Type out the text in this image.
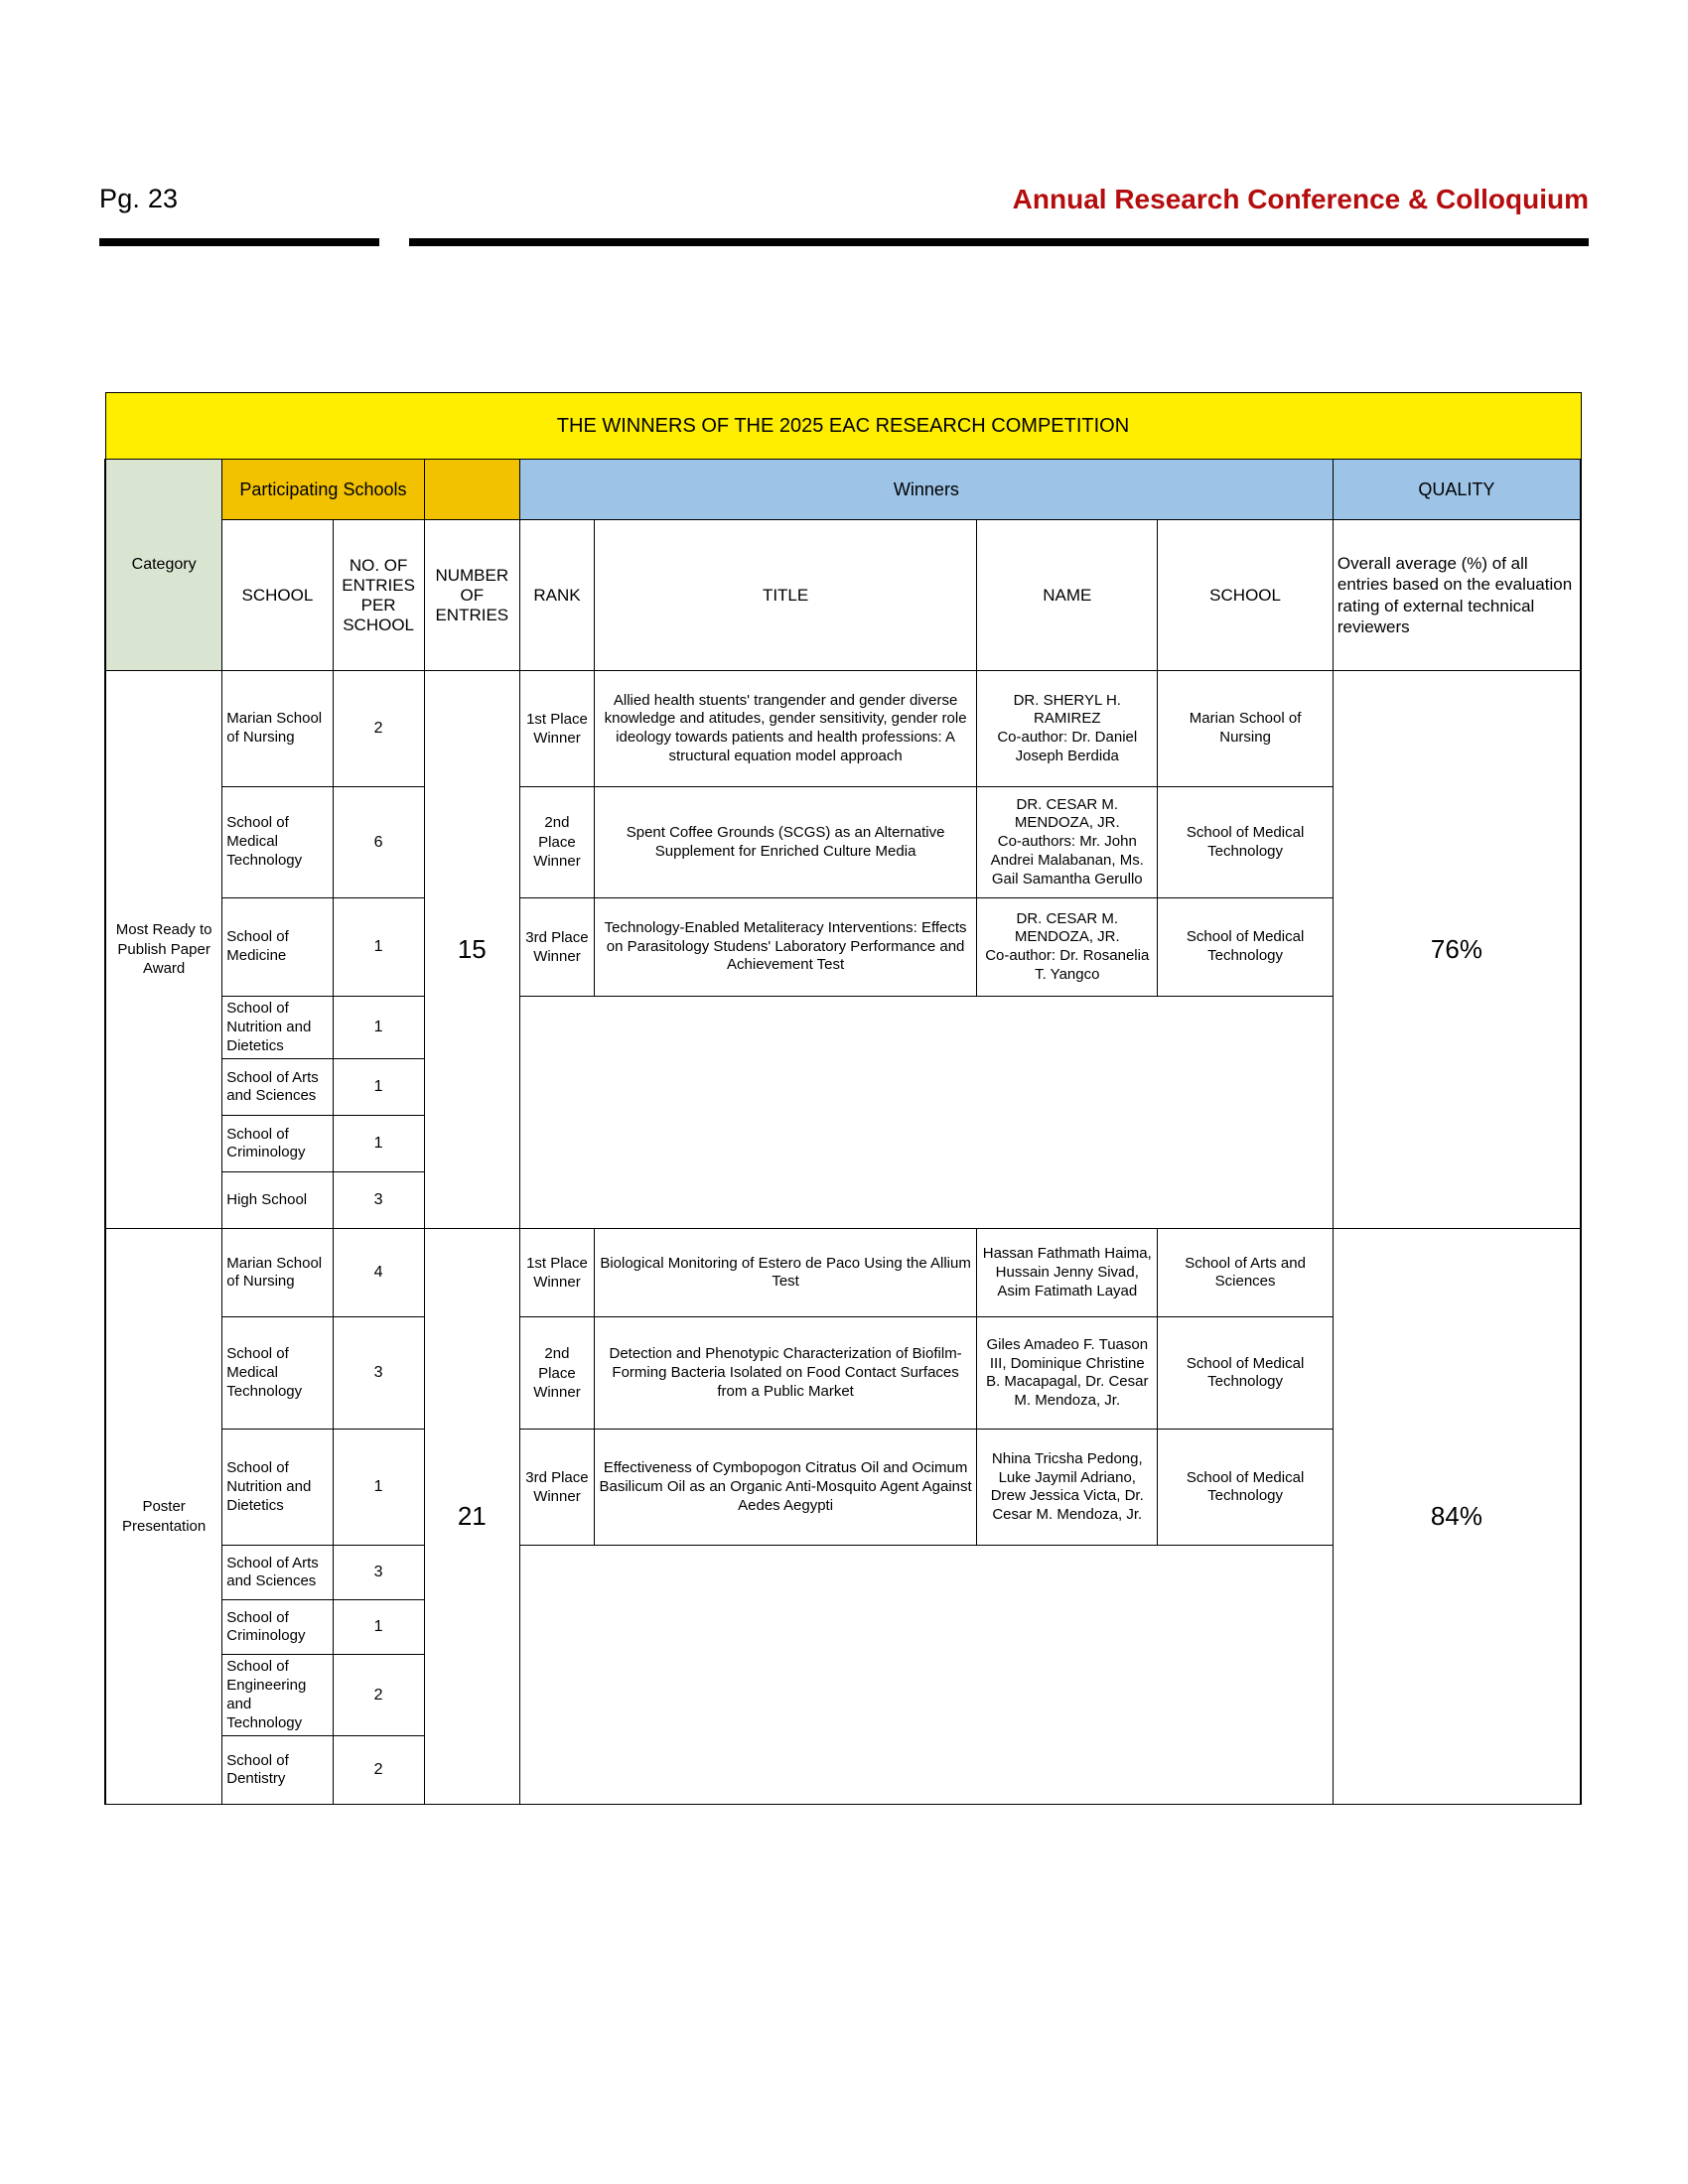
Pg. 23	Annual Research Conference & Colloquium
THE WINNERS OF THE 2025 EAC RESEARCH COMPETITION								
Category	Participating Schools			Winners				QUALITY
	SCHOOL	NO. OF ENTRIES PER SCHOOL	NUMBER OF ENTRIES	RANK	TITLE	NAME	SCHOOL	Overall average (%) of all entries based on the evaluation rating of external technical reviewers
Most Ready to Publish Paper Award	Marian School of Nursing	2	15	1st Place Winner	Allied health stuents' trangender and gender diverse knowledge and atitudes, gender sensitivity, gender role ideology towards patients and health professions: A structural equation model approach	DR. SHERYL H. RAMIREZ
Co-author: Dr. Daniel Joseph Berdida	Marian School of Nursing	76%
	School of Medical Technology	6		2nd Place Winner	Spent Coffee Grounds (SCGS) as an Alternative Supplement for Enriched Culture Media	DR. CESAR M. MENDOZA, JR.
Co-authors: Mr. John Andrei Malabanan, Ms. Gail Samantha Gerullo	School of Medical Technology	
	School of Medicine	1		3rd Place Winner	Technology-Enabled Metaliteracy Interventions: Effects on Parasitology Studens' Laboratory Performance and Achievement Test	DR. CESAR M. MENDOZA, JR.
Co-author: Dr. Rosanelia T. Yangco	School of Medical Technology	
	School of Nutrition and Dietetics	1						
	School of Arts and Sciences	1						
	School of Criminology	1						
	High School	3						
Poster Presentation	Marian School of Nursing	4	21	1st Place Winner	Biological Monitoring of Estero de Paco Using the Allium Test	Hassan Fathmath Haima, Hussain Jenny Sivad, Asim Fatimath Layad	School of Arts and Sciences	84%
	School of Medical Technology	3		2nd Place Winner	Detection and Phenotypic Characterization of Biofilm-Forming Bacteria Isolated on Food Contact Surfaces from a Public Market	Giles Amadeo F. Tuason III, Dominique Christine B. Macapagal, Dr. Cesar M. Mendoza, Jr.	School of Medical Technology	
	School of Nutrition and Dietetics	1		3rd Place Winner	Effectiveness of Cymbopogon Citratus Oil and Ocimum Basilicum Oil as an Organic Anti-Mosquito Agent Against Aedes Aegypti	Nhina Tricsha Pedong, Luke Jaymil Adriano, Drew Jessica Victa, Dr. Cesar M. Mendoza, Jr.	School of Medical Technology	
	School of Arts and Sciences	3						
	School of Criminology	1						
	School of Engineering and Technology	2						
	School of Dentistry	2						
